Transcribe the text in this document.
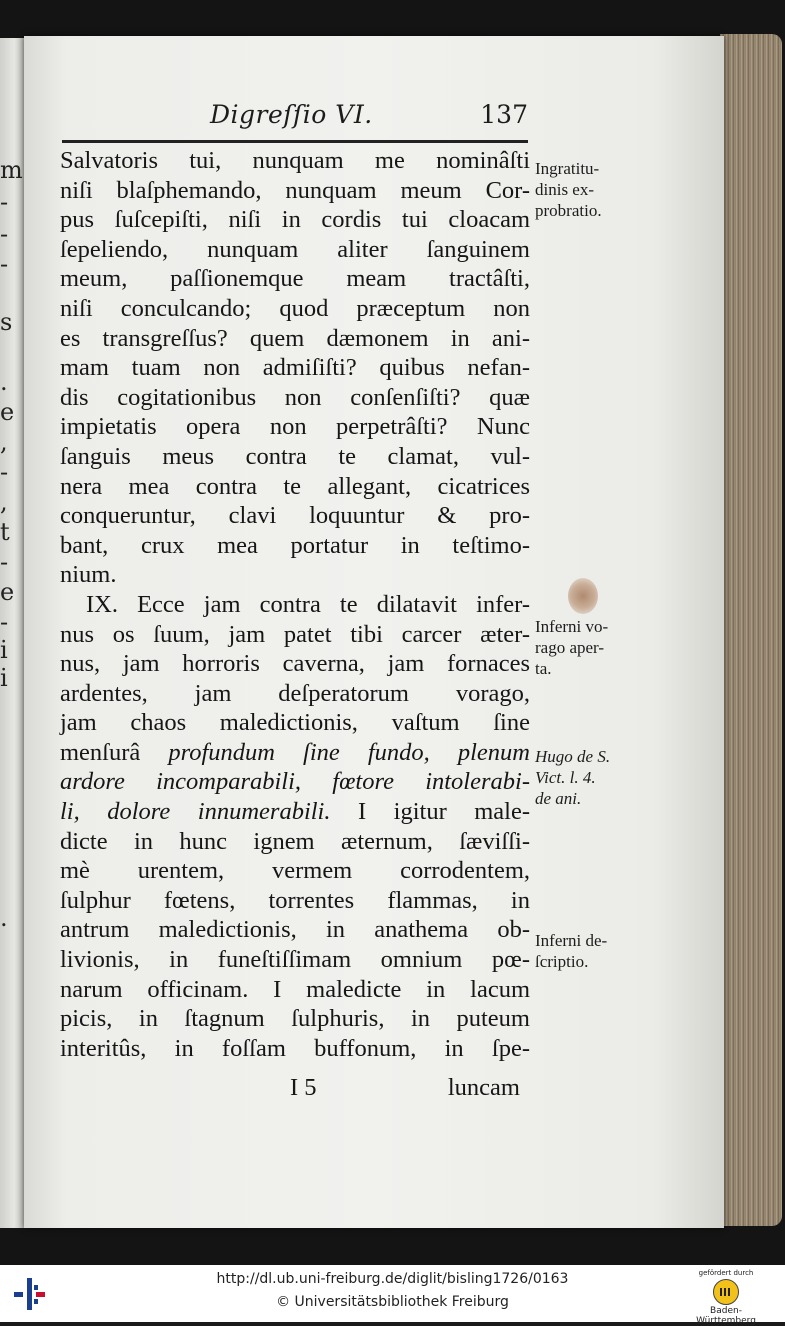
m
-
-
-
s
.
e
,
-
,
t
-
e
-
i
i
.
Digreſſio VI.	137
Salvatoris tui, nunquam me nominâſti
niſi blaſphemando, nunquam meum Cor-
pus ſuſcepiſti, niſi in cordis tui cloacam
ſepeliendo, nunquam aliter ſanguinem
meum, paſſionemque meam tractâſti,
niſi conculcando; quod præceptum non
es transgreſſus? quem dæmonem in ani-
mam tuam non admiſiſti? quibus nefan-
dis cogitationibus non conſenſiſti? quæ
impietatis opera non perpetrâſti? Nunc
ſanguis meus contra te clamat, vul-
nera mea contra te allegant, cicatrices
conqueruntur, clavi loquuntur & pro-
bant, crux mea portatur in teſtimo-
nium.
IX. Ecce jam contra te dilatavit infer-
nus os ſuum, jam patet tibi carcer æter-
nus, jam horroris caverna, jam fornaces
ardentes, jam deſperatorum vorago,
jam chaos maledictionis, vaſtum ſine
menſurâ profundum ſine fundo, plenum
ardore incomparabili, fœtore intolerabi-
li, dolore innumerabili. I igitur male-
dicte in hunc ignem æternum, ſæviſſi-
mè urentem, vermem corrodentem,
ſulphur fœtens, torrentes flammas, in
antrum maledictionis, in anathema ob-
livionis, in funeſtiſſimam omnium pœ-
narum officinam. I maledicte in lacum
picis, in ſtagnum ſulphuris, in puteum
interitûs, in foſſam buffonum, in ſpe-
I 5	luncam
Ingratitu-
dinis ex-
probratio.
Inferni vo-
rago aper-
ta.
Hugo de S.
Vict. l. 4.
de ani.
Inferni de-
ſcriptio.
http://dl.ub.uni-freiburg.de/diglit/bisling1726/0163
© Universitätsbibliothek Freiburg
gefördert durch
Baden-Württemberg
